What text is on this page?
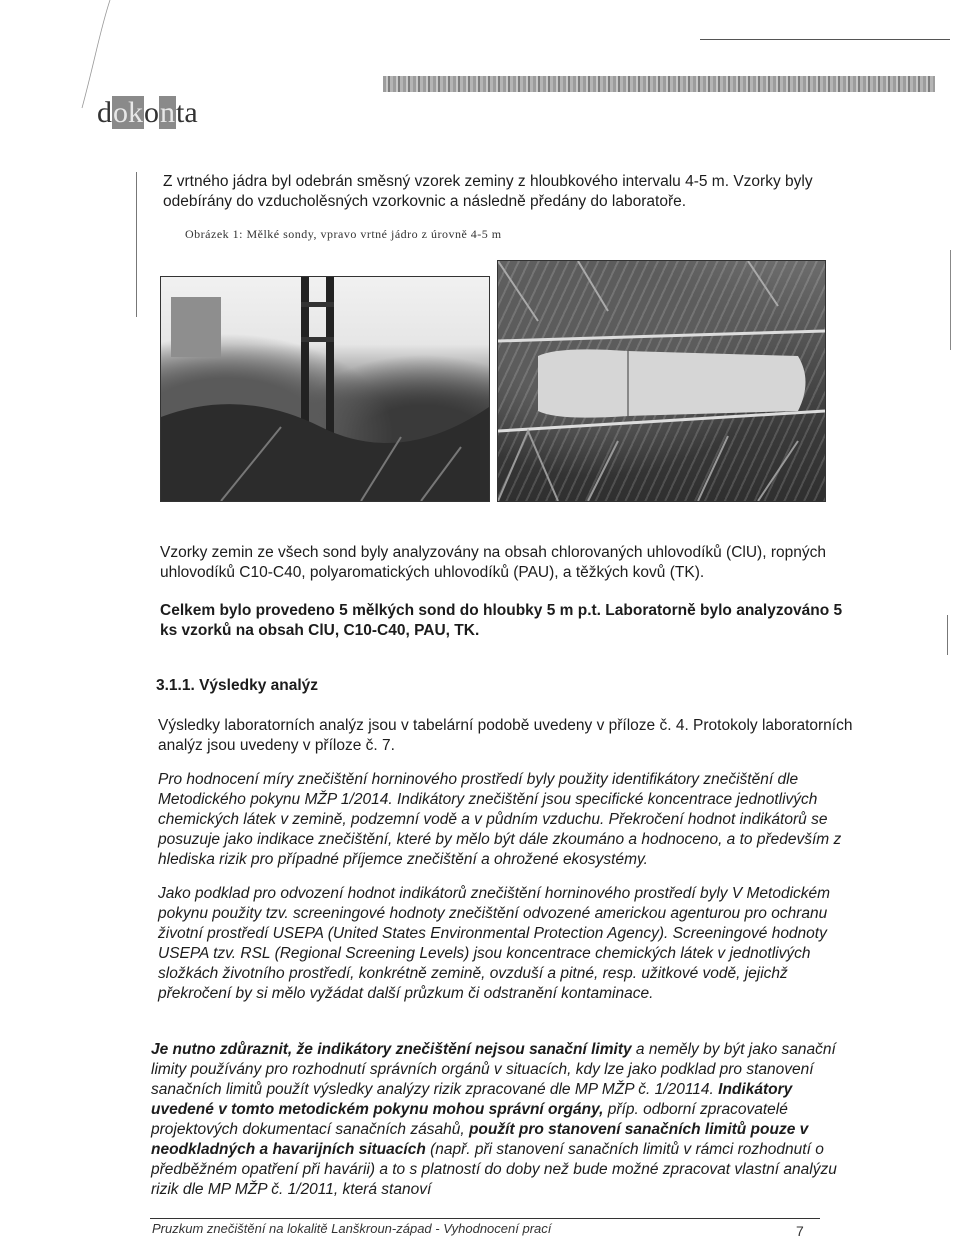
dokonta

Z vrtného jádra byl odebrán směsný vzorek zeminy z hloubkového intervalu 4-5 m. Vzorky byly odebírány do vzducholěsných vzorkovnic a následně předány do laboratoře.

Obrázek 1: Mělké sondy, vpravo vrtné jádro z úrovně 4-5 m

Vzorky zemin ze všech sond byly analyzovány na obsah chlorovaných uhlovodíků (ClU), ropných uhlovodíků C10-C40, polyaromatických uhlovodíků (PAU), a těžkých kovů (TK).

Celkem bylo provedeno 5 mělkých sond do hloubky 5 m p.t. Laboratorně bylo analyzováno 5 ks vzorků na obsah ClU, C10-C40, PAU, TK.

3.1.1. Výsledky analýz

Výsledky laboratorních analýz jsou v tabelární podobě uvedeny v příloze č. 4. Protokoly laboratorních analýz jsou uvedeny v příloze č. 7.

Pro hodnocení míry znečištění horninového prostředí byly použity identifikátory znečištění dle Metodického pokynu MŽP 1/2014. Indikátory znečištění jsou specifické koncentrace jednotlivých chemických látek v zemině, podzemní vodě a v půdním vzduchu. Překročení hodnot indikátorů se posuzuje jako indikace znečištění, které by mělo být dále zkoumáno a hodnoceno, a to především z hlediska rizik pro případné příjemce znečištění a ohrožené ekosystémy.

Jako podklad pro odvození hodnot indikátorů znečištění horninového prostředí byly V Metodickém pokynu použity tzv. screeningové hodnoty znečištění odvozené americkou agenturou pro ochranu životní prostředí USEPA (United States Environmental Protection Agency). Screeningové hodnoty USEPA tzv. RSL (Regional Screening Levels) jsou koncentrace chemických látek v jednotlivých složkách životního prostředí, konkrétně zemině, ovzduší a pitné, resp. užitkové vodě, jejichž překročení by si mělo vyžádat další průzkum či odstranění kontaminace.

Je nutno zdůraznit, že indikátory znečištění nejsou sanační limity a neměly by být jako sanační limity používány pro rozhodnutí správních orgánů v situacích, kdy lze jako podklad pro stanovení sanačních limitů použít výsledky analýzy rizik zpracované dle MP MŽP č. 1/20114. Indikátory uvedené v tomto metodickém pokynu mohou správní orgány, příp. odborní zpracovatelé projektových dokumentací sanačních zásahů, použít pro stanovení sanačních limitů pouze v neodkladných a havarijních situacích (např. při stanovení sanačních limitů v rámci rozhodnutí o předběžném opatření při havárii) a to s platností do doby než bude možné zpracovat vlastní analýzu rizik dle MP MŽP č. 1/2011, která stanoví

Pruzkum znečištění na lokalitě Lanškroun-západ - Vyhodnocení prací	7
